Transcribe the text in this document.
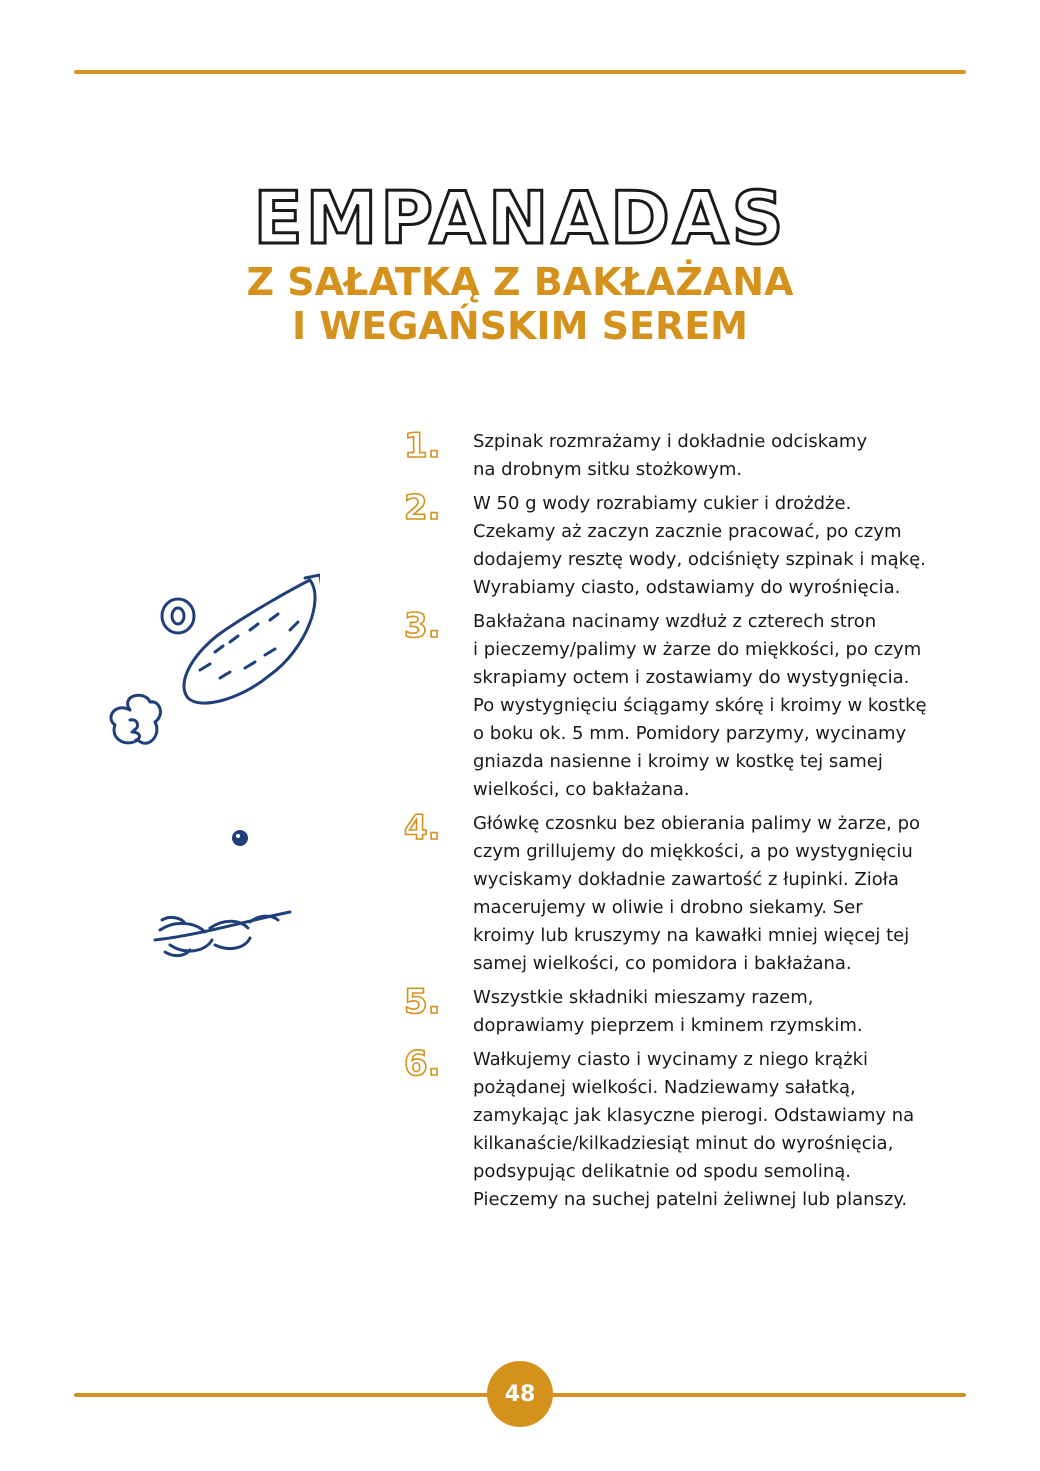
EMPANADAS
Z SAŁATKĄ Z BAKŁAŻANA
I WEGAŃSKIM SEREM
1. Szpinak rozmrażamy i dokładnie odciskamy
na drobnym sitku stożkowym.
2. W 50 g wody rozrabiamy cukier i drożdże.
Czekamy aż zaczyn zacznie pracować, po czym
dodajemy resztę wody, odciśnięty szpinak i mąkę.
Wyrabiamy ciasto, odstawiamy do wyrośnięcia.
3. Bakłażana nacinamy wzdłuż z czterech stron
i pieczemy/palimy w żarze do miękkości, po czym
skrapiamy octem i zostawiamy do wystygnięcia.
Po wystygnięciu ściągamy skórę i kroimy w kostkę
o boku ok. 5 mm. Pomidory parzymy, wycinamy
gniazda nasienne i kroimy w kostkę tej samej
wielkości, co bakłażana.
4. Główkę czosnku bez obierania palimy w żarze, po
czym grillujemy do miękkości, a po wystygnięciu
wyciskamy dokładnie zawartość z łupinki. Zioła
macerujemy w oliwie i drobno siekamy. Ser
kroimy lub kruszymy na kawałki mniej więcej tej
samej wielkości, co pomidora i bakłażana.
5. Wszystkie składniki mieszamy razem,
doprawiamy pieprzem i kminem rzymskim.
6. Wałkujemy ciasto i wycinamy z niego krążki
pożądanej wielkości. Nadziewamy sałatką,
zamykając jak klasyczne pierogi. Odstawiamy na
kilkanaście/kilkadziesiąt minut do wyrośnięcia,
podsypując delikatnie od spodu semoliną.
Pieczemy na suchej patelni żeliwnej lub planszy.
48
